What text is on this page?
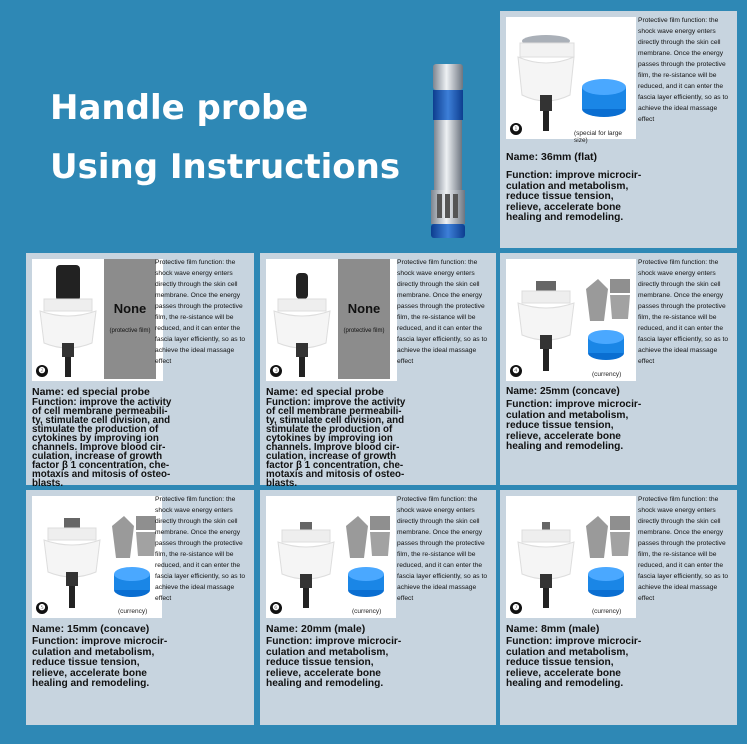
Handle probe
Using Instructions
❶
(special for large size)
Protective film function: the shock wave energy enters directly through the skin cell membrane. Once the energy passes through the protective film, the re-sistance will be reduced, and it can enter the fascia layer efficiently, so as to achieve the ideal massage effect
Name: 36mm (flat)
Function: improve microcir-culation and metabolism, reduce tissue tension, relieve, accelerate bone healing and remodeling.
❷
None
(protective film)
Protective film function: the shock wave energy enters directly through the skin cell membrane. Once the energy passes through the protective film, the re-sistance will be reduced, and it can enter the fascia layer efficiently, so as to achieve the ideal massage effect
Name: ed special probe
Function: improve the activity of cell membrane permeabili-ty, stimulate cell division, and stimulate the production of cytokines by improving ion channels. Improve blood cir-culation, increase of growth factor β 1 concentration, che-motaxis and mitosis of osteo-blasts.
❸
None
(protective film)
Protective film function: the shock wave energy enters directly through the skin cell membrane. Once the energy passes through the protective film, the re-sistance will be reduced, and it can enter the fascia layer efficiently, so as to achieve the ideal massage effect
Name: ed special probe
Function: improve the activity of cell membrane permeabili-ty, stimulate cell division, and stimulate the production of cytokines by improving ion channels. Improve blood cir-culation, increase of growth factor β 1 concentration, che-motaxis and mitosis of osteo-blasts.
❹	(currency)
Protective film function: the shock wave energy enters directly through the skin cell membrane. Once the energy passes through the protective film, the re-sistance will be reduced, and it can enter the fascia layer efficiently, so as to achieve the ideal massage effect
Name: 25mm (concave)
Function: improve microcir-culation and metabolism, reduce tissue tension, relieve, accelerate bone healing and remodeling.
❺	(currency)
Protective film function: the shock wave energy enters directly through the skin cell membrane. Once the energy passes through the protective film, the re-sistance will be reduced, and it can enter the fascia layer efficiently, so as to achieve the ideal massage effect
Name: 15mm (concave)
Function: improve microcir-culation and metabolism, reduce tissue tension, relieve, accelerate bone healing and remodeling.
❻	(currency)
Protective film function: the shock wave energy enters directly through the skin cell membrane. Once the energy passes through the protective film, the re-sistance will be reduced, and it can enter the fascia layer efficiently, so as to achieve the ideal massage effect
Name: 20mm (male)
Function: improve microcir-culation and metabolism, reduce tissue tension, relieve, accelerate bone healing and remodeling.
❼	(currency)
Protective film function: the shock wave energy enters directly through the skin cell membrane. Once the energy passes through the protective film, the re-sistance will be reduced, and it can enter the fascia layer efficiently, so as to achieve the ideal massage effect
Name: 8mm (male)
Function: improve microcir-culation and metabolism, reduce tissue tension, relieve, accelerate bone healing and remodeling.
